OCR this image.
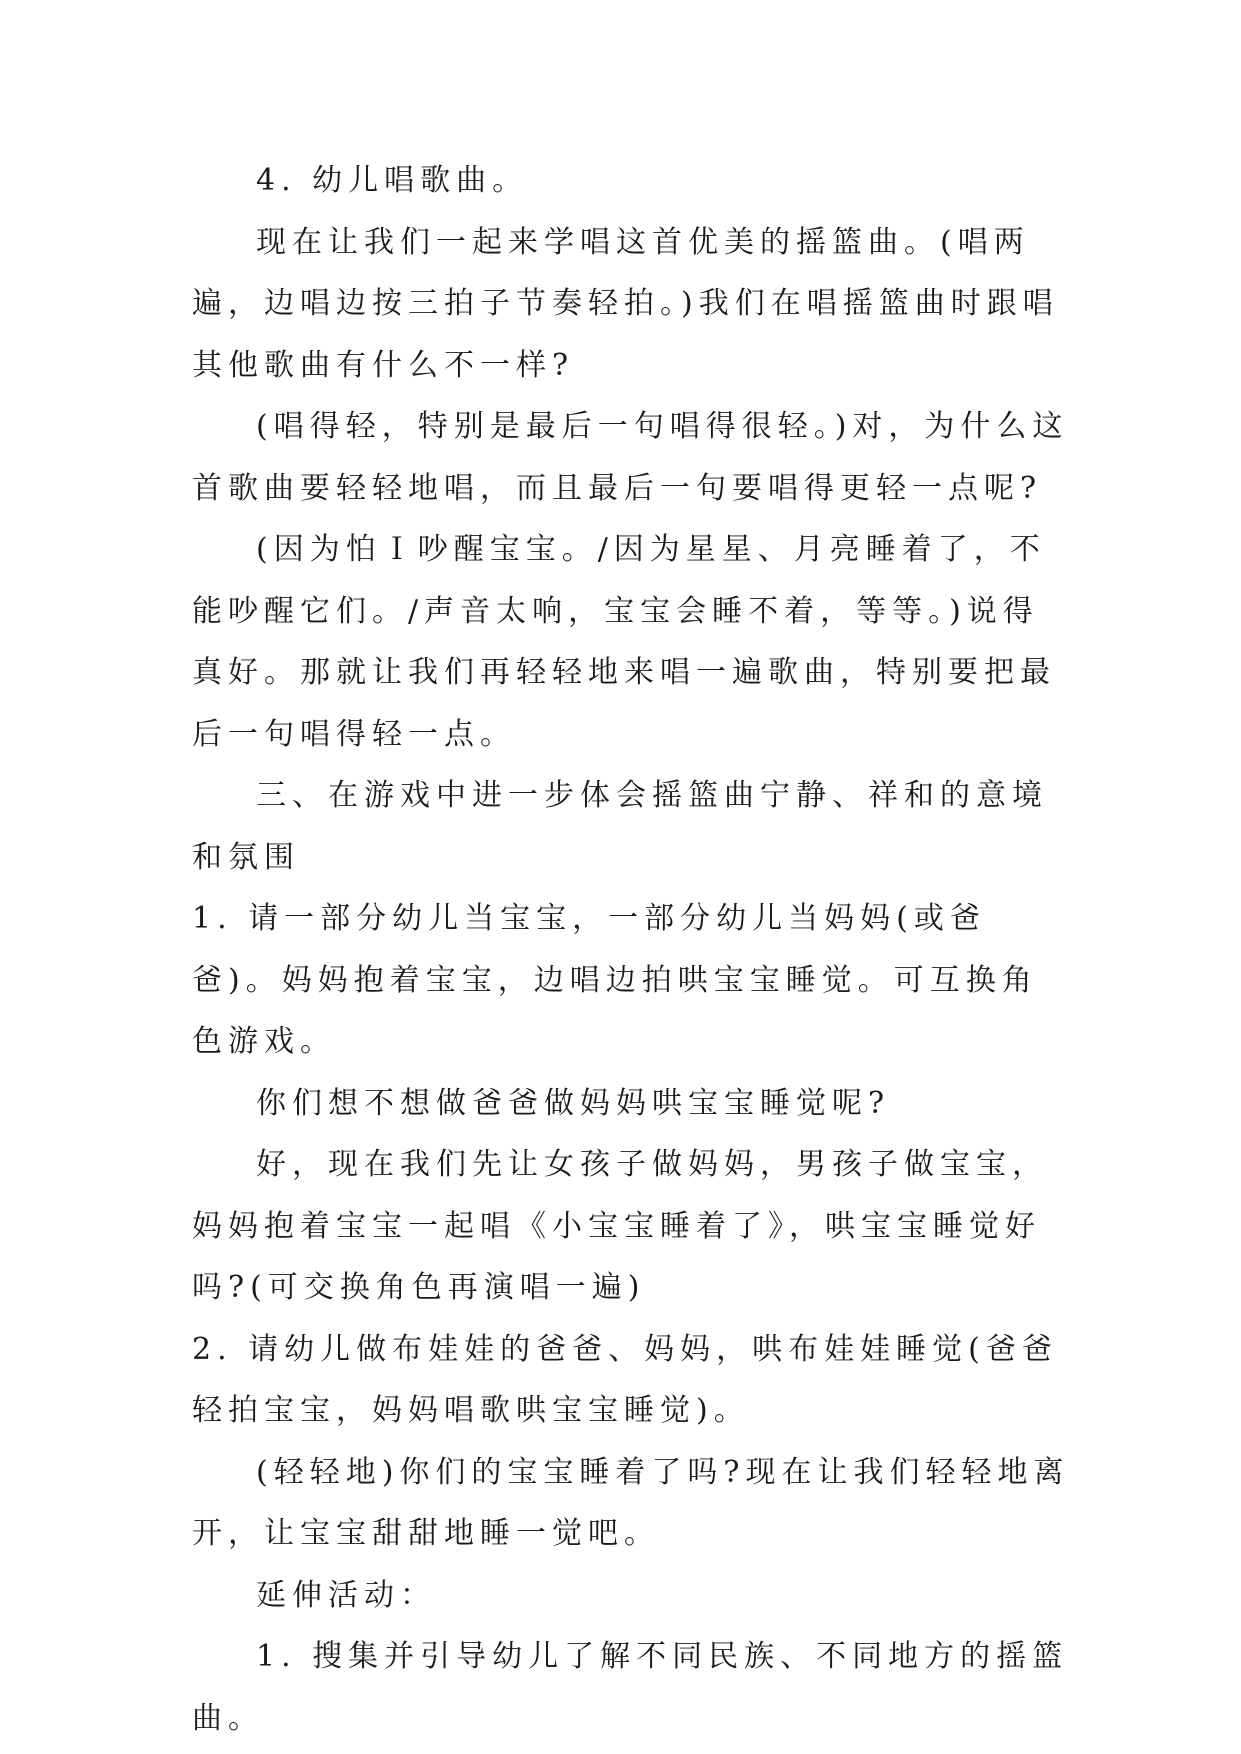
4. 幼儿唱歌曲。

现在让我们一起来学唱这首优美的摇篮曲。(唱两遍，边唱边按三拍子节奏轻拍。)我们在唱摇篮曲时跟唱其他歌曲有什么不一样?

(唱得轻，特别是最后一句唱得很轻。)对，为什么这首歌曲要轻轻地唱，而且最后一句要唱得更轻一点呢?

(因为怕Ｉ吵醒宝宝。/因为星星、月亮睡着了，不能吵醒它们。/声音太响，宝宝会睡不着，等等。)说得真好。那就让我们再轻轻地来唱一遍歌曲，特别要把最后一句唱得轻一点。

三、在游戏中进一步体会摇篮曲宁静、祥和的意境和氛围

1. 请一部分幼儿当宝宝，一部分幼儿当妈妈(或爸爸)。妈妈抱着宝宝，边唱边拍哄宝宝睡觉。可互换角色游戏。

你们想不想做爸爸做妈妈哄宝宝睡觉呢?

好，现在我们先让女孩子做妈妈，男孩子做宝宝，妈妈抱着宝宝一起唱《小宝宝睡着了》，哄宝宝睡觉好吗?(可交换角色再演唱一遍)

2. 请幼儿做布娃娃的爸爸、妈妈，哄布娃娃睡觉(爸爸轻拍宝宝，妈妈唱歌哄宝宝睡觉)。

(轻轻地)你们的宝宝睡着了吗?现在让我们轻轻地离开，让宝宝甜甜地睡一觉吧。

延伸活动：

1. 搜集并引导幼儿了解不同民族、不同地方的摇篮曲。
